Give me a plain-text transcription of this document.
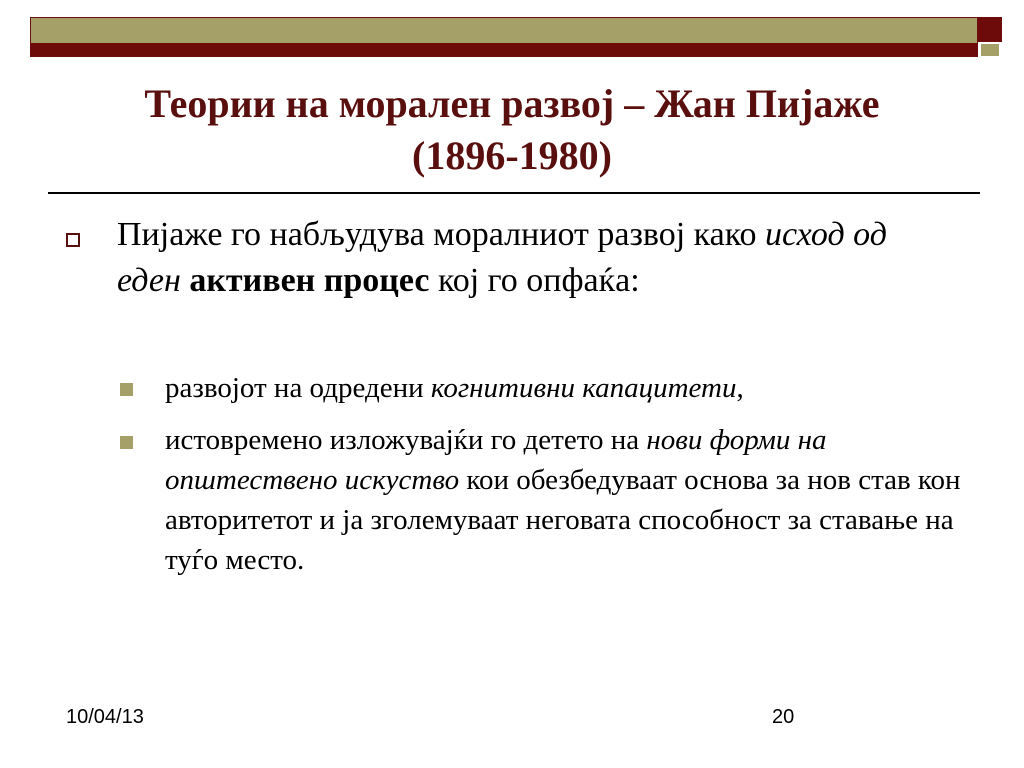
Теории на морален развој – Жан Пијаже
(1896-1980)
Пијаже го набљудува моралниот развој како исход од еден активен процес кој го опфаќа:
развојот на одредени когнитивни капацитети,
истовремено изложувајќи го детето на нови форми на општествено искуство кои обезбедуваат основа за нов став кон авторитетот и ја зголемуваат неговата способност за ставање на туѓо место.
10/04/13	20
